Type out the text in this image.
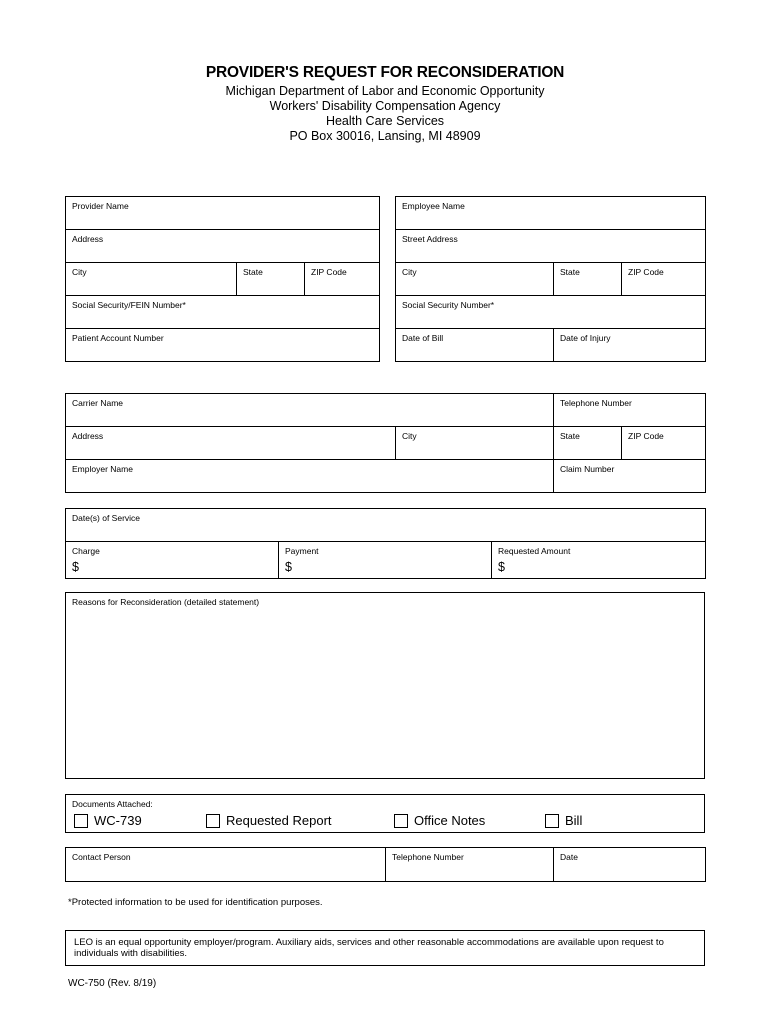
PROVIDER'S REQUEST FOR RECONSIDERATION
Michigan Department of Labor and Economic Opportunity
Workers' Disability Compensation Agency
Health Care Services
PO Box 30016, Lansing, MI 48909
Provider Name

Address

City	State	ZIP Code

Social Security/FEIN Number*

Patient Account Number
Employee Name		

Street Address		

City	State	ZIP Code

Social Security Number*		

Date of Bill	Date of Injury	
Carrier Name		Telephone Number	

Address	City	State	ZIP Code

Employer Name		Claim Number	
Date(s) of Service

Charge
$

Payment
$

Requested Amount
$
Reasons for Reconsideration (detailed statement)
Documents Attached:
WC-739	Requested Report	Office Notes	Bill
Contact Person	Telephone Number	Date
*Protected information to be used for identification purposes.
LEO is an equal opportunity employer/program. Auxiliary aids, services and other reasonable accommodations are available upon request to individuals with disabilities.
WC-750 (Rev. 8/19)
